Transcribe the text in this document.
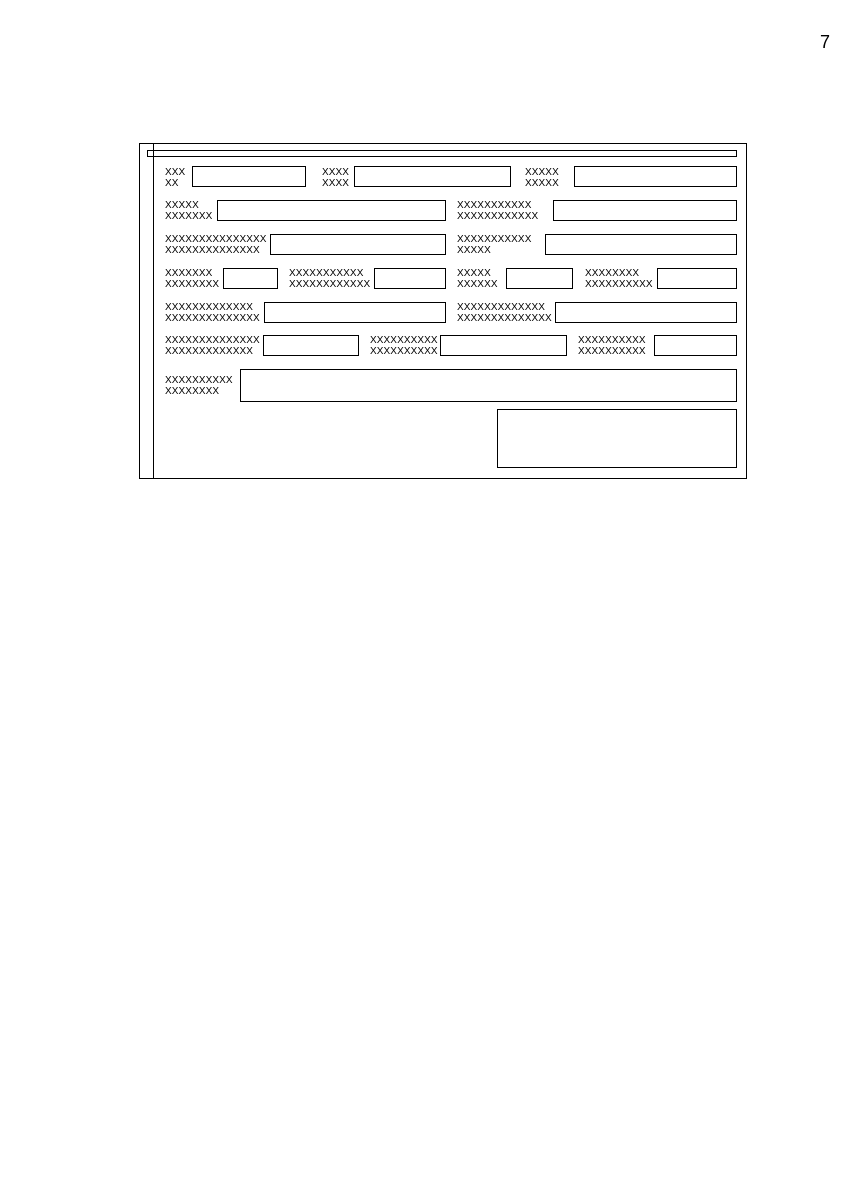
7
XXX
XX
XXXX
XXXX
XXXXX
XXXXX
XXXXX
XXXXXXX
XXXXXXXXXXX
XXXXXXXXXXXX
XXXXXXXXXXXXXXX
XXXXXXXXXXXXXX
XXXXXXXXXXX
XXXXX
XXXXXXX
XXXXXXXX
XXXXXXXXXXX
XXXXXXXXXXXX
XXXXX
XXXXXX
XXXXXXXX
XXXXXXXXXX
XXXXXXXXXXXXX
XXXXXXXXXXXXXX
XXXXXXXXXXXXX
XXXXXXXXXXXXXX
XXXXXXXXXXXXXX
XXXXXXXXXXXXX
XXXXXXXXXX
XXXXXXXXXX
XXXXXXXXXX
XXXXXXXXXX
XXXXXXXXXX
XXXXXXXX
